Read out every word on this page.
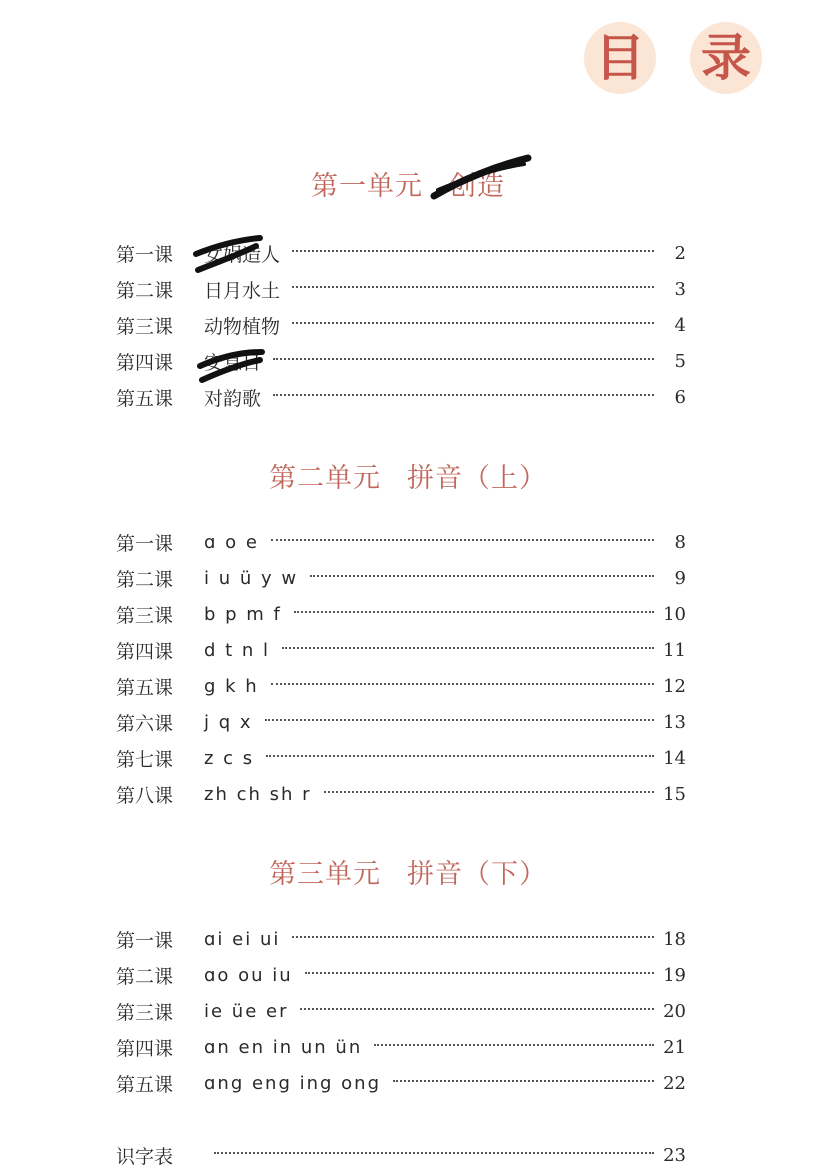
目 录
第一单元 创造
第一课	女娲造人	2
第二课	日月水土	3
第三课	动物植物	4
第四课	安息日	5
第五课	对韵歌	6
第二单元 拼音（上）
第一课	ɑ o e	8
第二课	i u ü y w	9
第三课	b p m f	10
第四课	d t n l	11
第五课	g k h	12
第六课	j q x	13
第七课	z c s	14
第八课	zh ch sh r	15
第三单元 拼音（下）
第一课	ɑi ei ui	18
第二课	ɑo ou iu	19
第三课	ie üe er	20
第四课	ɑn en in un ün	21
第五课	ɑng eng ing ong	22
识字表	23
